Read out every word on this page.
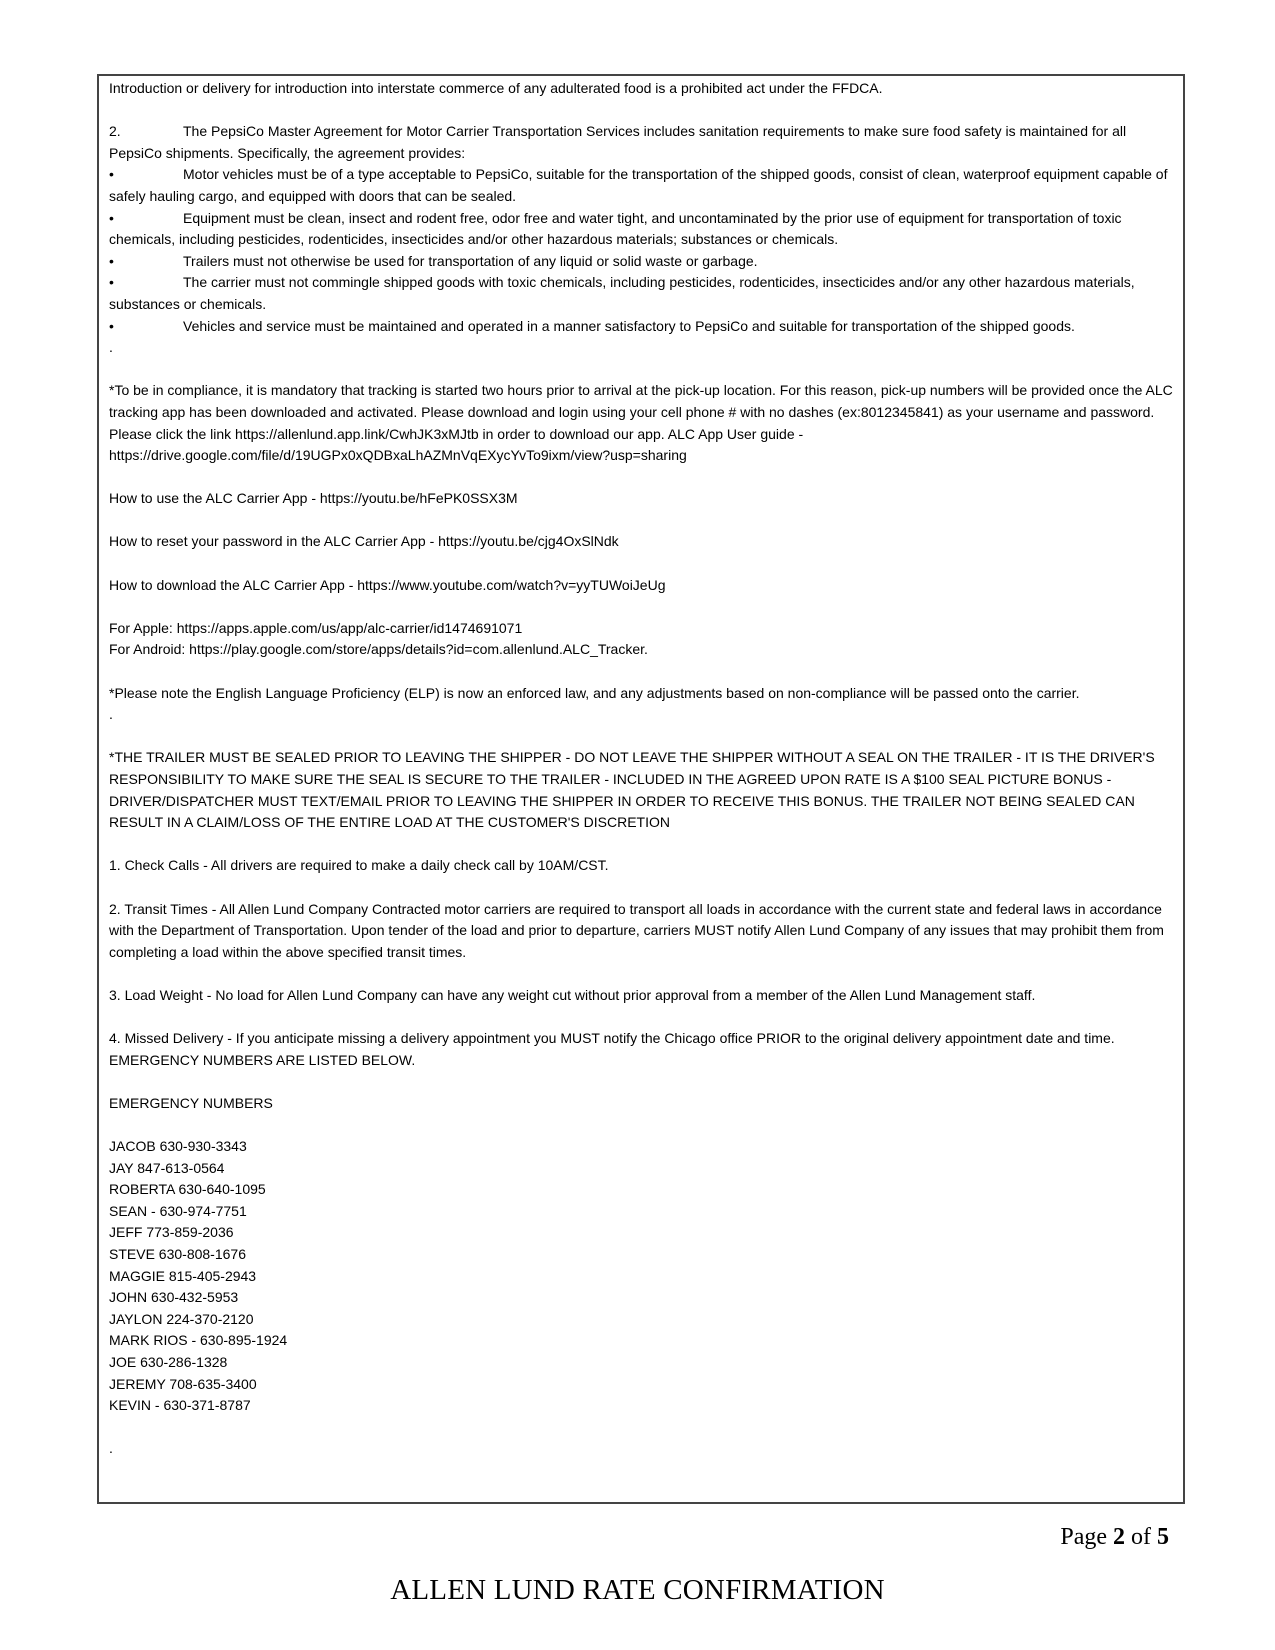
Introduction or delivery for introduction into interstate commerce of any adulterated food is a prohibited act under the FFDCA.
2.	The PepsiCo Master Agreement for Motor Carrier Transportation Services includes sanitation requirements to make sure food safety is maintained for all PepsiCo shipments. Specifically, the agreement provides:
•	Motor vehicles must be of a type acceptable to PepsiCo, suitable for the transportation of the shipped goods, consist of clean, waterproof equipment capable of safely hauling cargo, and equipped with doors that can be sealed.
•	Equipment must be clean, insect and rodent free, odor free and water tight, and uncontaminated by the prior use of equipment for transportation of toxic chemicals, including pesticides, rodenticides, insecticides and/or other hazardous materials; substances or chemicals.
•	Trailers must not otherwise be used for transportation of any liquid or solid waste or garbage.
•	The carrier must not commingle shipped goods with toxic chemicals, including pesticides, rodenticides, insecticides and/or any other hazardous materials, substances or chemicals.
•	Vehicles and service must be maintained and operated in a manner satisfactory to PepsiCo and suitable for transportation of the shipped goods.
.
*To be in compliance, it is mandatory that tracking is started two hours prior to arrival at the pick-up location. For this reason, pick-up numbers will be provided once the ALC tracking app has been downloaded and activated. Please download and login using your cell phone # with no dashes (ex:8012345841) as your username and password. Please click the link https://allenlund.app.link/CwhJK3xMJtb in order to download our app. ALC App User guide - https://drive.google.com/file/d/19UGPx0xQDBxaLhAZMnVqEXycYvTo9ixm/view?usp=sharing
How to use the ALC Carrier App - https://youtu.be/hFePK0SSX3M
How to reset your password in the ALC Carrier App - https://youtu.be/cjg4OxSlNdk
How to download the ALC Carrier App - https://www.youtube.com/watch?v=yyTUWoiJeUg
For Apple: https://apps.apple.com/us/app/alc-carrier/id1474691071
For Android: https://play.google.com/store/apps/details?id=com.allenlund.ALC_Tracker.
*Please note the English Language Proficiency (ELP) is now an enforced law, and any adjustments based on non-compliance will be passed onto the carrier.
.
*THE TRAILER MUST BE SEALED PRIOR TO LEAVING THE SHIPPER - DO NOT LEAVE THE SHIPPER WITHOUT A SEAL ON THE TRAILER - IT IS THE DRIVER'S RESPONSIBILITY TO MAKE SURE THE SEAL IS SECURE TO THE TRAILER - INCLUDED IN THE AGREED UPON RATE IS A $100 SEAL PICTURE BONUS - DRIVER/DISPATCHER MUST TEXT/EMAIL PRIOR TO LEAVING THE SHIPPER IN ORDER TO RECEIVE THIS BONUS. THE TRAILER NOT BEING SEALED CAN RESULT IN A CLAIM/LOSS OF THE ENTIRE LOAD AT THE CUSTOMER'S DISCRETION
1. Check Calls - All drivers are required to make a daily check call by 10AM/CST.
2. Transit Times - All Allen Lund Company Contracted motor carriers are required to transport all loads in accordance with the current state and federal laws in accordance with the Department of Transportation. Upon tender of the load and prior to departure, carriers MUST notify Allen Lund Company of any issues that may prohibit them from completing a load within the above specified transit times.
3. Load Weight - No load for Allen Lund Company can have any weight cut without prior approval from a member of the Allen Lund Management staff.
4. Missed Delivery - If you anticipate missing a delivery appointment you MUST notify the Chicago office PRIOR to the original delivery appointment date and time. EMERGENCY NUMBERS ARE LISTED BELOW.
EMERGENCY NUMBERS
JACOB 630-930-3343
JAY 847-613-0564
ROBERTA 630-640-1095
SEAN - 630-974-7751
JEFF 773-859-2036
STEVE 630-808-1676
MAGGIE 815-405-2943
JOHN 630-432-5953
JAYLON 224-370-2120
MARK RIOS - 630-895-1924
JOE 630-286-1328
JEREMY 708-635-3400
KEVIN - 630-371-8787
.
Page 2 of 5
ALLEN LUND RATE CONFIRMATION
